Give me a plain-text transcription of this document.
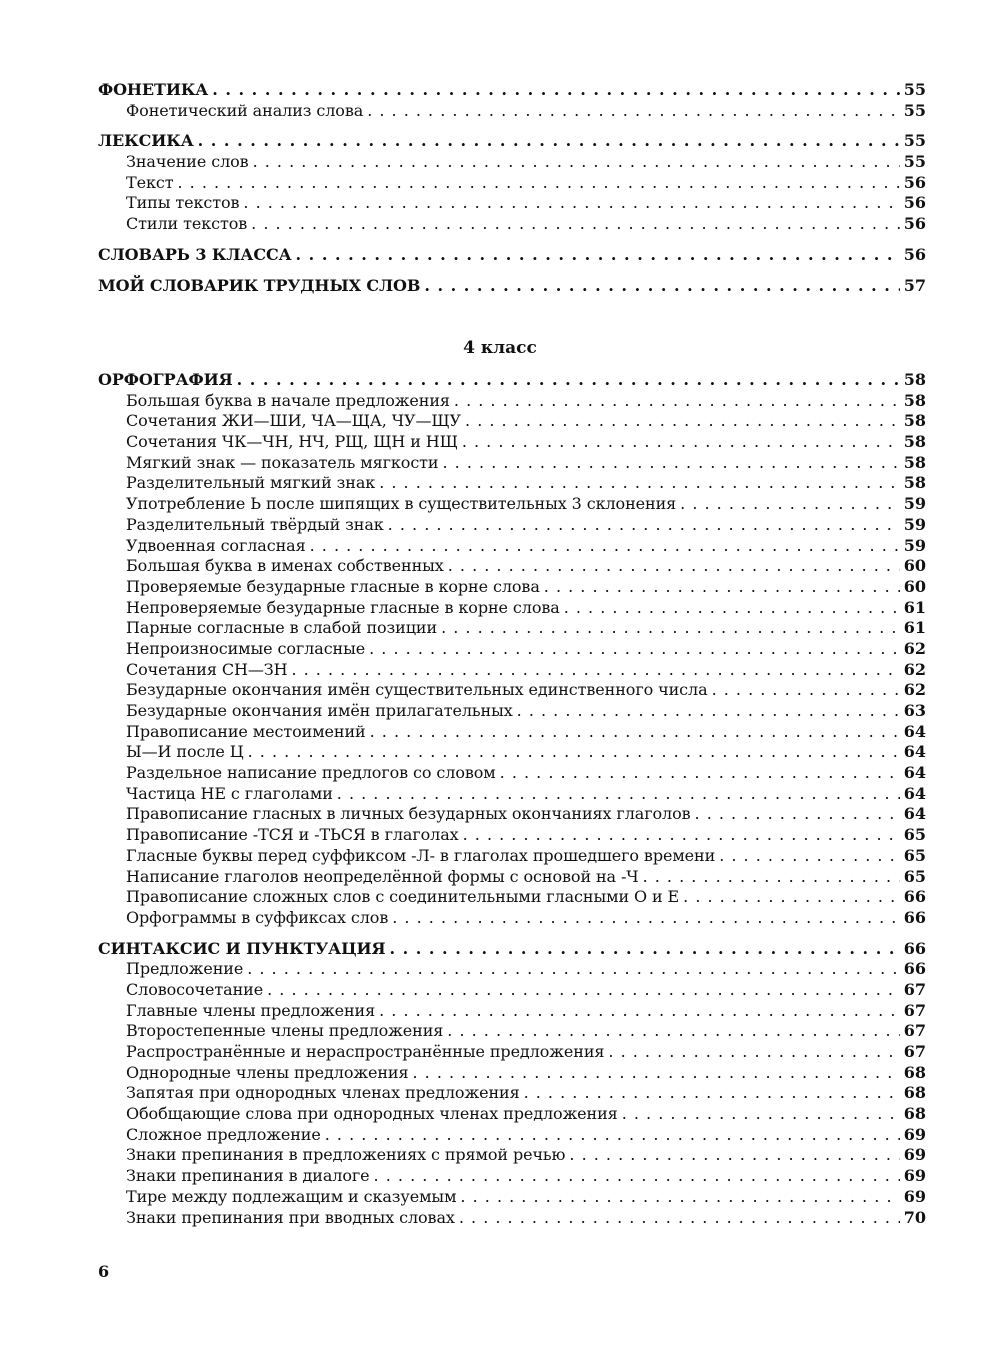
ФОНЕТИКА . . .	55
Фонетический анализ слова . . .	55
ЛЕКСИКА . . .	55
Значение слов . . .	55
Текст . . .	56
Типы текстов . . .	56
Стили текстов . . .	56
СЛОВАРЬ 3 КЛАССА . . .	56
МОЙ СЛОВАРИК ТРУДНЫХ СЛОВ . . .	57
4 класс
ОРФОГРАФИЯ . . .	58
Большая буква в начале предложения . . .	58
Сочетания ЖИ—ШИ, ЧА—ЩА, ЧУ—ЩУ . . .	58
Сочетания ЧК—ЧН, НЧ, РЩ, ЩН и НЩ . . .	58
Мягкий знак — показатель мягкости . . .	58
Разделительный мягкий знак . . .	58
Употребление Ь после шипящих в существительных 3 склонения . . .	59
Разделительный твёрдый знак . . .	59
Удвоенная согласная . . .	59
Большая буква в именах собственных . . .	60
Проверяемые безударные гласные в корне слова . . .	60
Непроверяемые безударные гласные в корне слова . . .	61
Парные согласные в слабой позиции . . .	61
Непроизносимые согласные . . .	62
Сочетания СН—ЗН . . .	62
Безударные окончания имён существительных единственного числа . . .	62
Безударные окончания имён прилагательных . . .	63
Правописание местоимений . . .	64
Ы—И после Ц . . .	64
Раздельное написание предлогов со словом . . .	64
Частица НЕ с глаголами . . .	64
Правописание гласных в личных безударных окончаниях глаголов . . .	64
Правописание -ТСЯ и -ТЬСЯ в глаголах . . .	65
Гласные буквы перед суффиксом -Л- в глаголах прошедшего времени . . .	65
Написание глаголов неопределённой формы с основой на -Ч . . .	65
Правописание сложных слов с соединительными гласными О и Е . . .	66
Орфограммы в суффиксах слов . . .	66
СИНТАКСИС И ПУНКТУАЦИЯ . . .	66
Предложение . . .	66
Словосочетание . . .	67
Главные члены предложения . . .	67
Второстепенные члены предложения . . .	67
Распространённые и нераспространённые предложения . . .	67
Однородные члены предложения . . .	68
Запятая при однородных членах предложения . . .	68
Обобщающие слова при однородных членах предложения . . .	68
Сложное предложение . . .	69
Знаки препинания в предложениях с прямой речью . . .	69
Знаки препинания в диалоге . . .	69
Тире между подлежащим и сказуемым . . .	69
Знаки препинания при вводных словах . . .	70
6
